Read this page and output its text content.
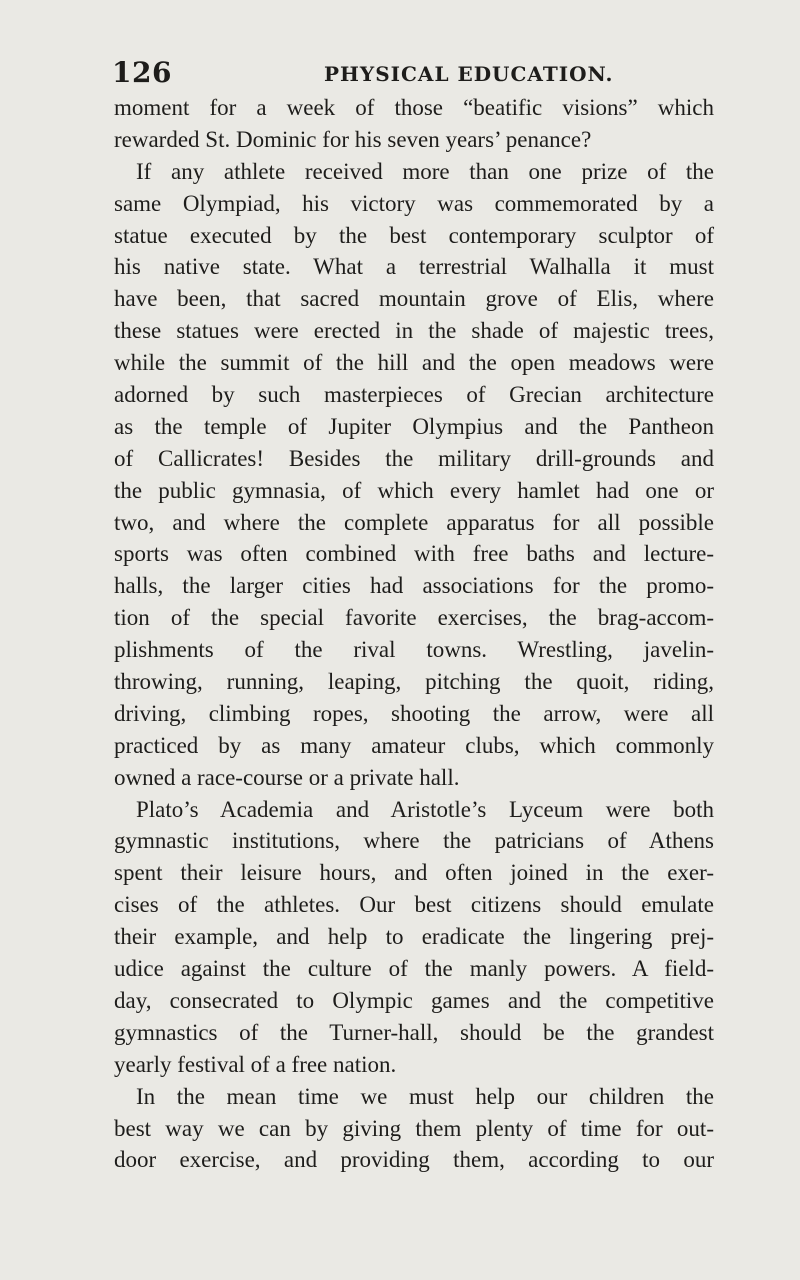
126	PHYSICAL EDUCATION.
moment for a week of those “beatific visions” which
rewarded St. Dominic for his seven years’ penance?
If any athlete received more than one prize of the
same Olympiad, his victory was commemorated by a
statue executed by the best contemporary sculptor of
his native state. What a terrestrial Walhalla it must
have been, that sacred mountain grove of Elis, where
these statues were erected in the shade of majestic trees,
while the summit of the hill and the open meadows were
adorned by such masterpieces of Grecian architecture
as the temple of Jupiter Olympius and the Pantheon
of Callicrates! Besides the military drill-grounds and
the public gymnasia, of which every hamlet had one or
two, and where the complete apparatus for all possible
sports was often combined with free baths and lecture-
halls, the larger cities had associations for the promo-
tion of the special favorite exercises, the brag-accom-
plishments of the rival towns. Wrestling, javelin-
throwing, running, leaping, pitching the quoit, riding,
driving, climbing ropes, shooting the arrow, were all
practiced by as many amateur clubs, which commonly
owned a race-course or a private hall.
Plato’s Academia and Aristotle’s Lyceum were both
gymnastic institutions, where the patricians of Athens
spent their leisure hours, and often joined in the exer-
cises of the athletes. Our best citizens should emulate
their example, and help to eradicate the lingering prej-
udice against the culture of the manly powers. A field-
day, consecrated to Olympic games and the competitive
gymnastics of the Turner-hall, should be the grandest
yearly festival of a free nation.
In the mean time we must help our children the
best way we can by giving them plenty of time for out-
door exercise, and providing them, according to our
